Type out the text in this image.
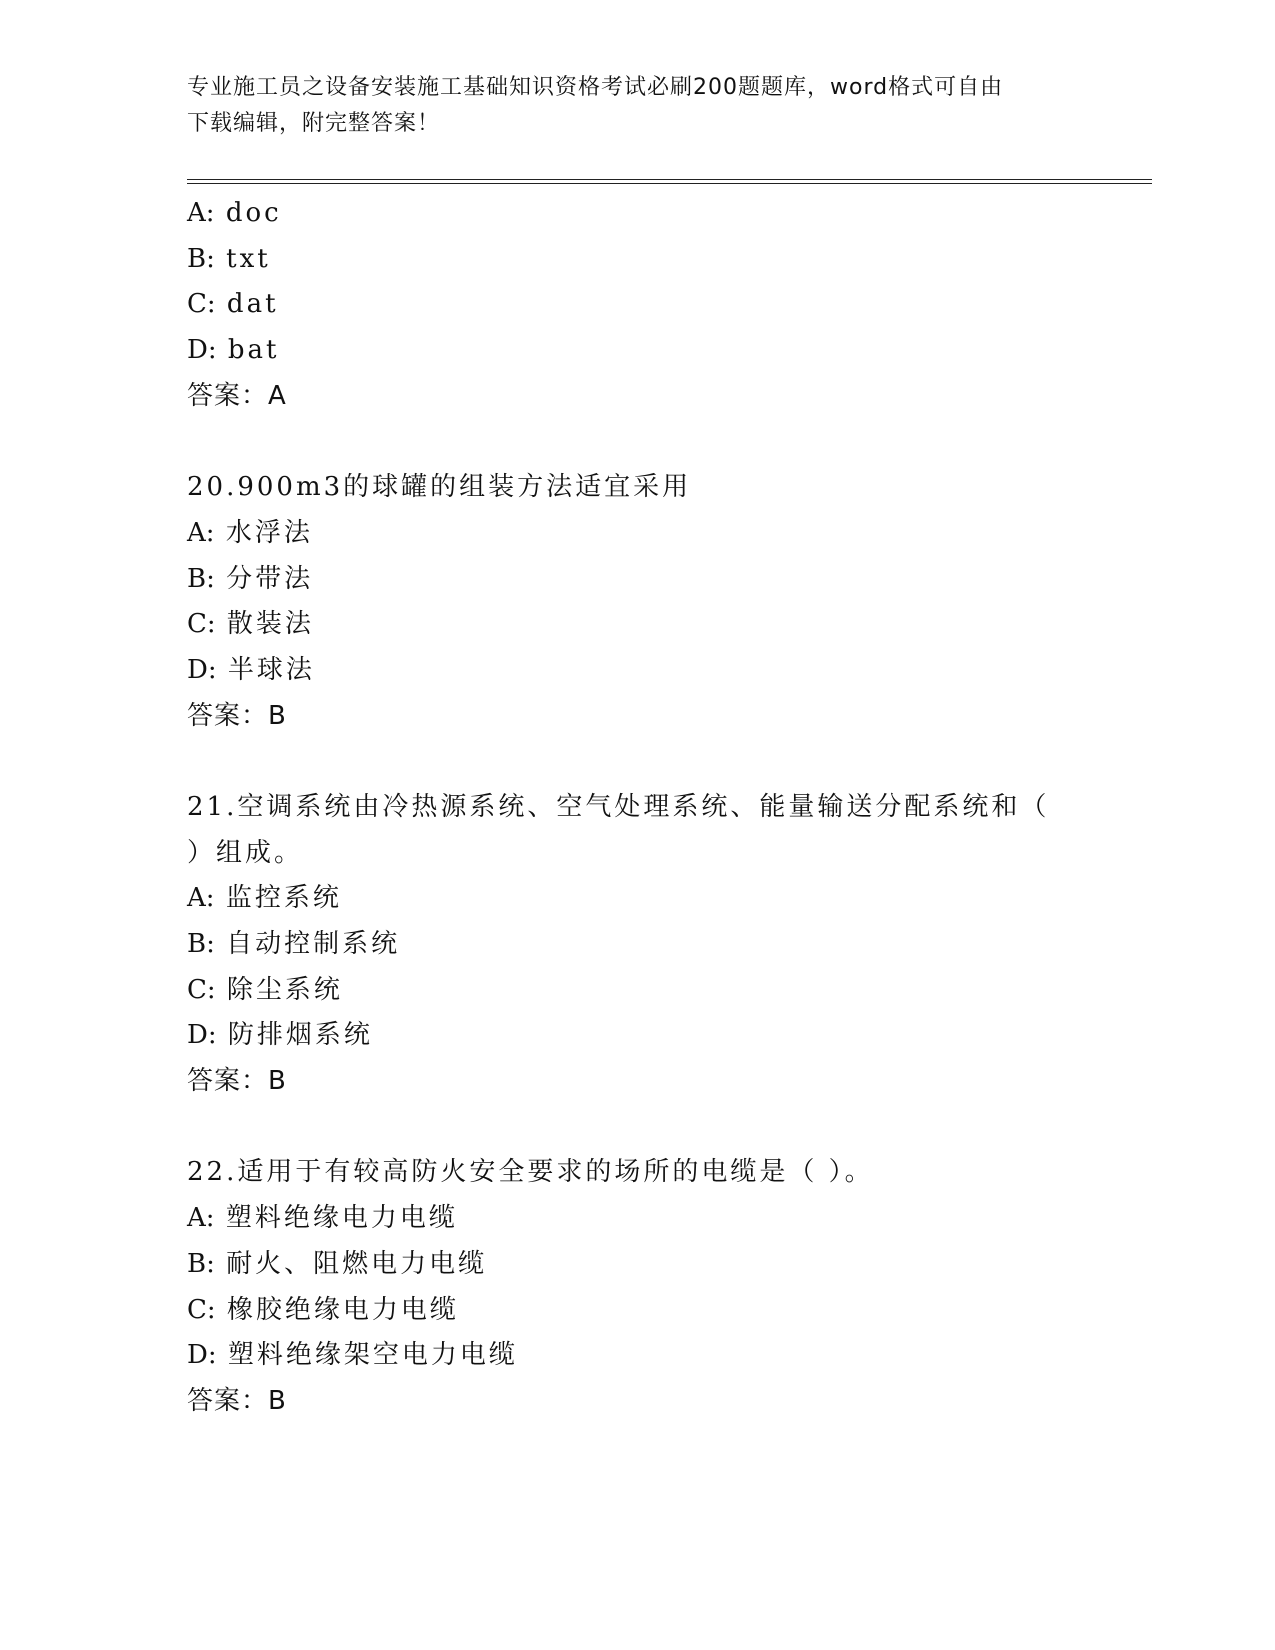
专业施工员之设备安装施工基础知识资格考试必刷200题题库，word格式可自由
下载编辑，附完整答案！
A: doc
B: txt
C: dat
D: bat
答案：A
20.900m3的球罐的组装方法适宜采用
A: 水浮法
B: 分带法
C: 散装法
D: 半球法
答案：B
21.空调系统由冷热源系统、空气处理系统、能量输送分配系统和（
）组成。
A: 监控系统
B: 自动控制系统
C: 除尘系统
D: 防排烟系统
答案：B
22.适用于有较高防火安全要求的场所的电缆是（ ）。
A: 塑料绝缘电力电缆
B: 耐火、阻燃电力电缆
C: 橡胶绝缘电力电缆
D: 塑料绝缘架空电力电缆
答案：B
